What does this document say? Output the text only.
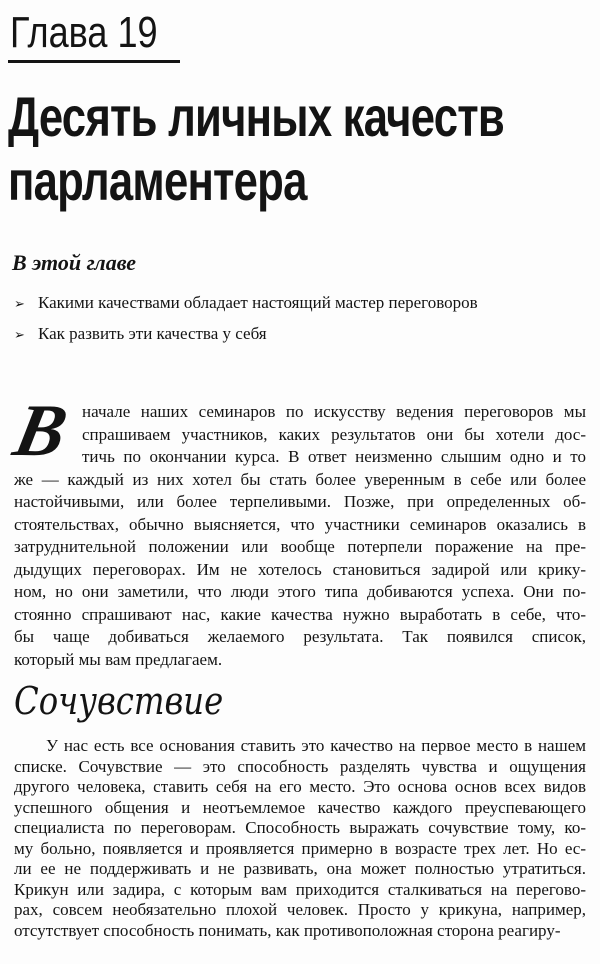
Глава 19
Десять личных качеств
парламентера
В этой главе
➢ Какими качествами обладает настоящий мастер переговоров
➢ Как развить эти качества у себя
В начале наших семинаров по искусству ведения переговоров мы
спрашиваем участников, каких результатов они бы хотели дос-
тичь по окончании курса. В ответ неизменно слышим одно и то
же — каждый из них хотел бы стать более уверенным в себе или более
настойчивыми, или более терпеливыми. Позже, при определенных об-
стоятельствах, обычно выясняется, что участники семинаров оказались в
затруднительной положении или вообще потерпели поражение на пре-
дыдущих переговорах. Им не хотелось становиться задирой или крику-
ном, но они заметили, что люди этого типа добиваются успеха. Они по-
стоянно спрашивают нас, какие качества нужно выработать в себе, что-
бы чаще добиваться желаемого результата. Так появился список,
который мы вам предлагаем.
Сочувствие
У нас есть все основания ставить это качество на первое место в нашем
списке. Сочувствие — это способность разделять чувства и ощущения
другого человека, ставить себя на его место. Это основа основ всех видов
успешного общения и неотъемлемое качество каждого преуспевающего
специалиста по переговорам. Способность выражать сочувствие тому, ко-
му больно, появляется и проявляется примерно в возрасте трех лет. Но ес-
ли ее не поддерживать и не развивать, она может полностью утратиться.
Крикун или задира, с которым вам приходится сталкиваться на перегово-
рах, совсем необязательно плохой человек. Просто у крикуна, например,
отсутствует способность понимать, как противоположная сторона реагиру-
